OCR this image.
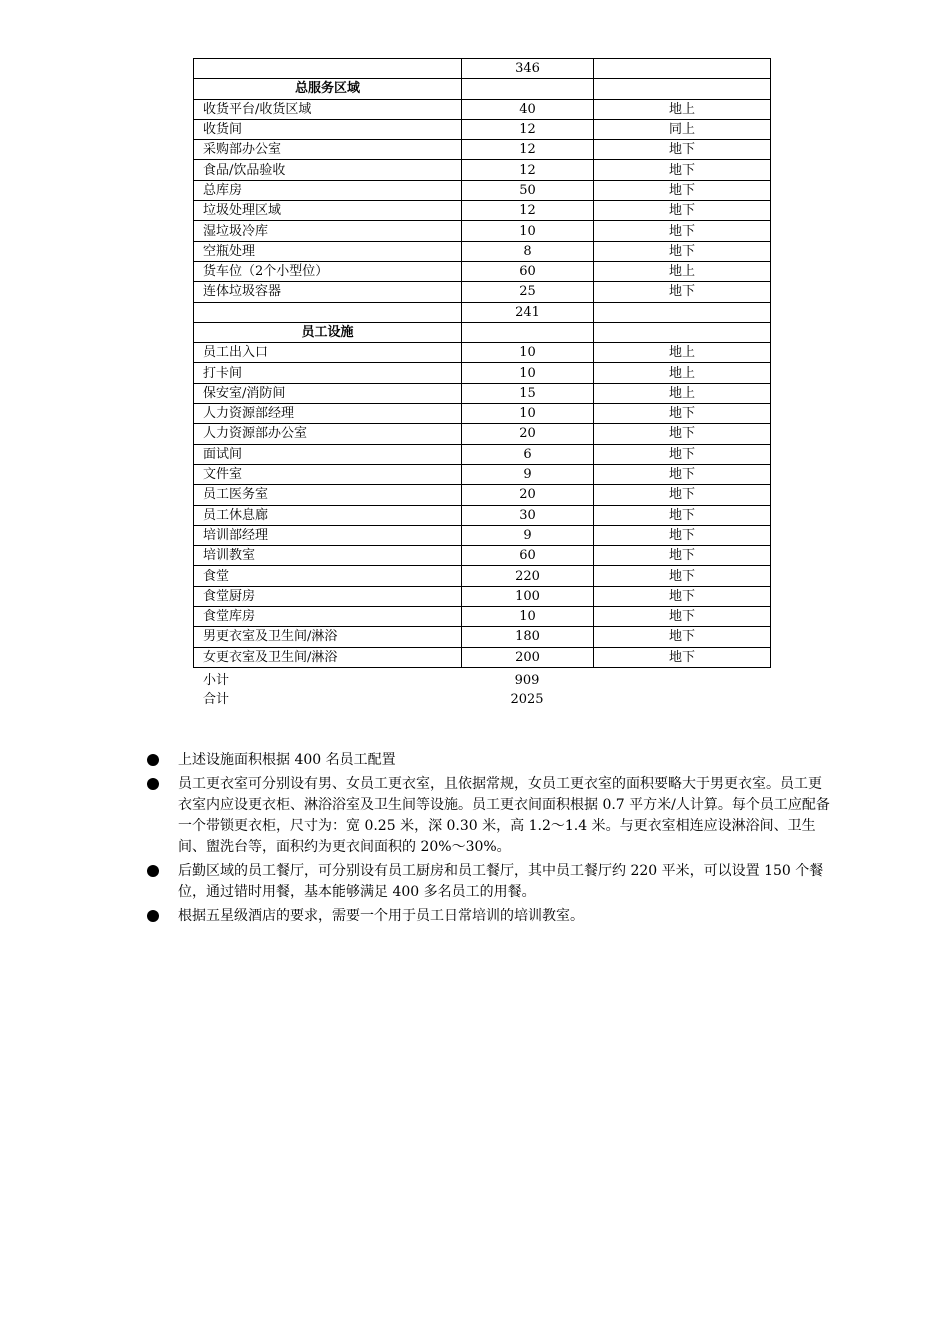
	346	
总服务区域		
收货平台/收货区域	40	地上
收货间	12	同上
采购部办公室	12	地下
食品/饮品验收	12	地下
总库房	50	地下
垃圾处理区域	12	地下
湿垃圾冷库	10	地下
空瓶处理	8	地下
货车位（2个小型位）	60	地上
连体垃圾容器	25	地下
	241	
员工设施		
员工出入口	10	地上
打卡间	10	地上
保安室/消防间	15	地上
人力资源部经理	10	地下
人力资源部办公室	20	地下
面试间	6	地下
文件室	9	地下
员工医务室	20	地下
员工休息廊	30	地下
培训部经理	9	地下
培训教室	60	地下
食堂	220	地下
食堂厨房	100	地下
食堂库房	10	地下
男更衣室及卫生间/淋浴	180	地下
女更衣室及卫生间/淋浴	200	地下
小计	909
合计	2025
上述设施面积根据 400 名员工配置
员工更衣室可分别设有男、女员工更衣室，且依据常规，女员工更衣室的面积要略大于男更衣室。员工更衣室内应设更衣柜、淋浴浴室及卫生间等设施。员工更衣间面积根据 0.7 平方米/人计算。每个员工应配备一个带锁更衣柜，尺寸为：宽 0.25 米，深 0.30 米，高 1.2～1.4 米。与更衣室相连应设淋浴间、卫生间、盥洗台等，面积约为更衣间面积的 20%～30%。
后勤区域的员工餐厅，可分别设有员工厨房和员工餐厅，其中员工餐厅约 220 平米，可以设置 150 个餐位，通过错时用餐，基本能够满足 400 多名员工的用餐。
根据五星级酒店的要求，需要一个用于员工日常培训的培训教室。
